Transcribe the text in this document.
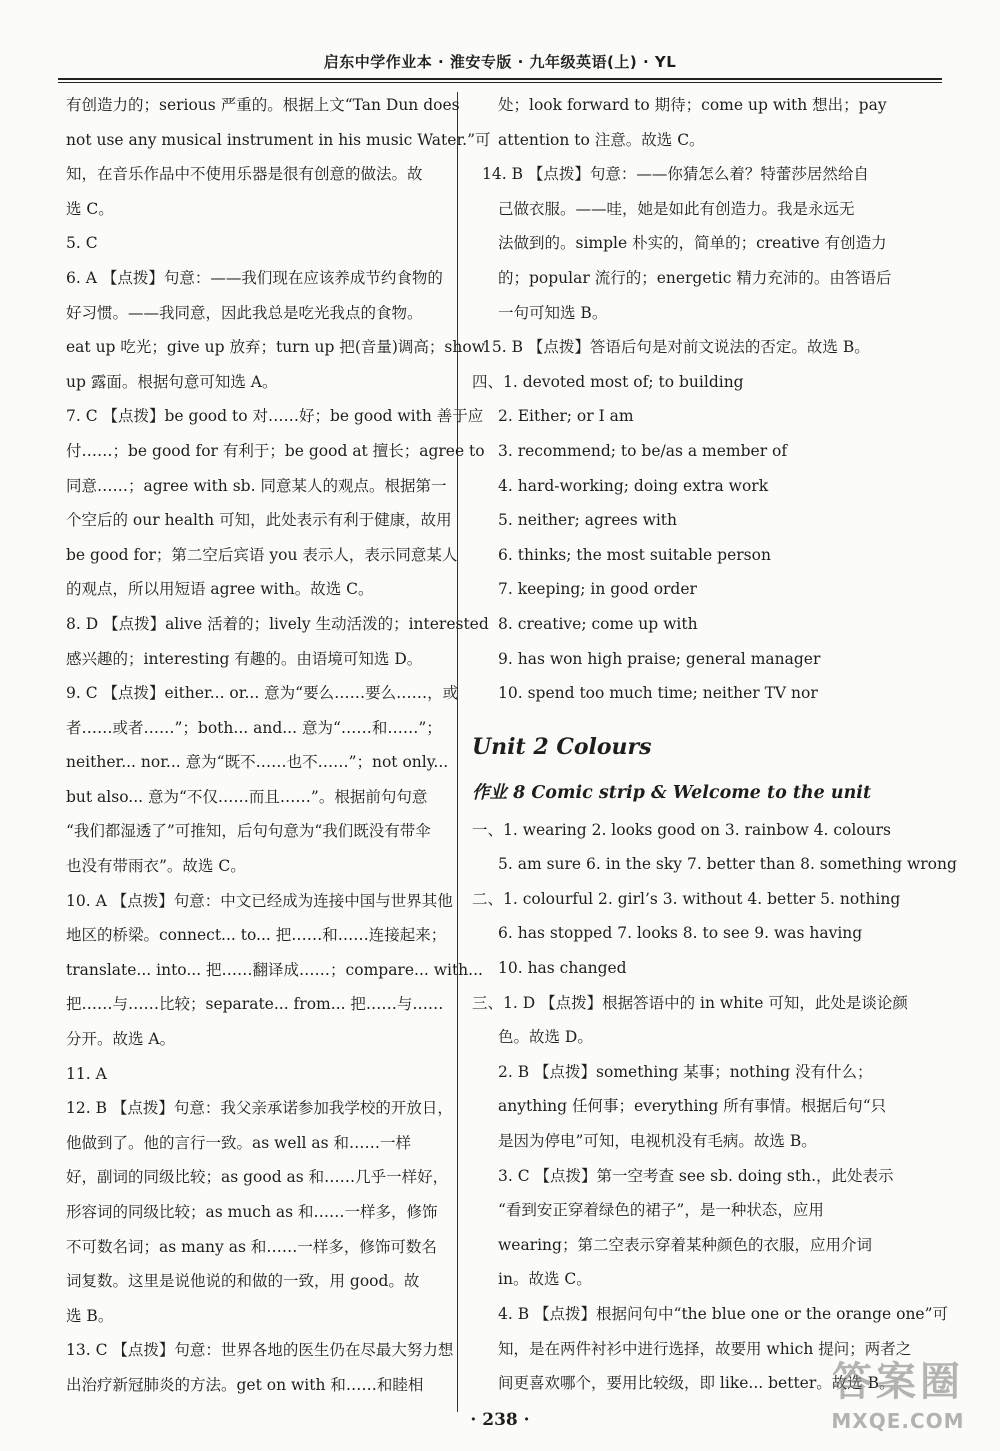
启东中学作业本 · 淮安专版 · 九年级英语(上) · YL
有创造力的；serious 严重的。根据上文“Tan Dun does
not use any musical instrument in his music Water.”可
知，在音乐作品中不使用乐器是很有创意的做法。故
选 C。
5. C
6. A 【点拨】句意：——我们现在应该养成节约食物的
好习惯。——我同意，因此我总是吃光我点的食物。
eat up 吃光；give up 放弃；turn up 把(音量)调高；show
up 露面。根据句意可知选 A。
7. C 【点拨】be good to 对……好；be good with 善于应
付……；be good for 有利于；be good at 擅长；agree to
同意……；agree with sb. 同意某人的观点。根据第一
个空后的 our health 可知，此处表示有利于健康，故用
be good for；第二空后宾语 you 表示人，表示同意某人
的观点，所以用短语 agree with。故选 C。
8. D 【点拨】alive 活着的；lively 生动活泼的；interested
感兴趣的；interesting 有趣的。由语境可知选 D。
9. C 【点拨】either... or... 意为“要么……要么……，或
者……或者……”；both... and... 意为“……和……”；
neither... nor... 意为“既不……也不……”；not only...
but also... 意为“不仅……而且……”。根据前句句意
“我们都湿透了”可推知，后句句意为“我们既没有带伞
也没有带雨衣”。故选 C。
10. A 【点拨】句意：中文已经成为连接中国与世界其他
地区的桥梁。connect... to... 把……和……连接起来；
translate... into... 把……翻译成……；compare... with...
把……与……比较；separate... from... 把……与……
分开。故选 A。
11. A
12. B 【点拨】句意：我父亲承诺参加我学校的开放日，
他做到了。他的言行一致。as well as 和……一样
好，副词的同级比较；as good as 和……几乎一样好，
形容词的同级比较；as much as 和……一样多，修饰
不可数名词；as many as 和……一样多，修饰可数名
词复数。这里是说他说的和做的一致，用 good。故
选 B。
13. C 【点拨】句意：世界各地的医生仍在尽最大努力想
出治疗新冠肺炎的方法。get on with 和……和睦相
处；look forward to 期待；come up with 想出；pay
attention to 注意。故选 C。
14. B 【点拨】句意：——你猜怎么着？特蕾莎居然给自
己做衣服。——哇，她是如此有创造力。我是永远无
法做到的。simple 朴实的，简单的；creative 有创造力
的；popular 流行的；energetic 精力充沛的。由答语后
一句可知选 B。
15. B 【点拨】答语后句是对前文说法的否定。故选 B。
四、1. devoted most of; to building
2. Either; or I am
3. recommend; to be/as a member of
4. hard-working; doing extra work
5. neither; agrees with
6. thinks; the most suitable person
7. keeping; in good order
8. creative; come up with
9. has won high praise; general manager
10. spend too much time; neither TV nor
Unit 2 Colours
作业 8 Comic strip & Welcome to the unit
一、1. wearing 2. looks good on 3. rainbow 4. colours
5. am sure 6. in the sky 7. better than 8. something wrong
二、1. colourful 2. girl’s 3. without 4. better 5. nothing
6. has stopped 7. looks 8. to see 9. was having
10. has changed
三、1. D 【点拨】根据答语中的 in white 可知，此处是谈论颜
色。故选 D。
2. B 【点拨】something 某事；nothing 没有什么；
anything 任何事；everything 所有事情。根据后句“只
是因为停电”可知，电视机没有毛病。故选 B。
3. C 【点拨】第一空考查 see sb. doing sth.，此处表示
“看到安正穿着绿色的裙子”，是一种状态，应用
wearing；第二空表示穿着某种颜色的衣服，应用介词
in。故选 C。
4. B 【点拨】根据问句中“the blue one or the orange one”可
知，是在两件衬衫中进行选择，故要用 which 提问；两者之
间更喜欢哪个，要用比较级，即 like... better。故选 B。
· 238 ·
答案圈
MXQE.COM
